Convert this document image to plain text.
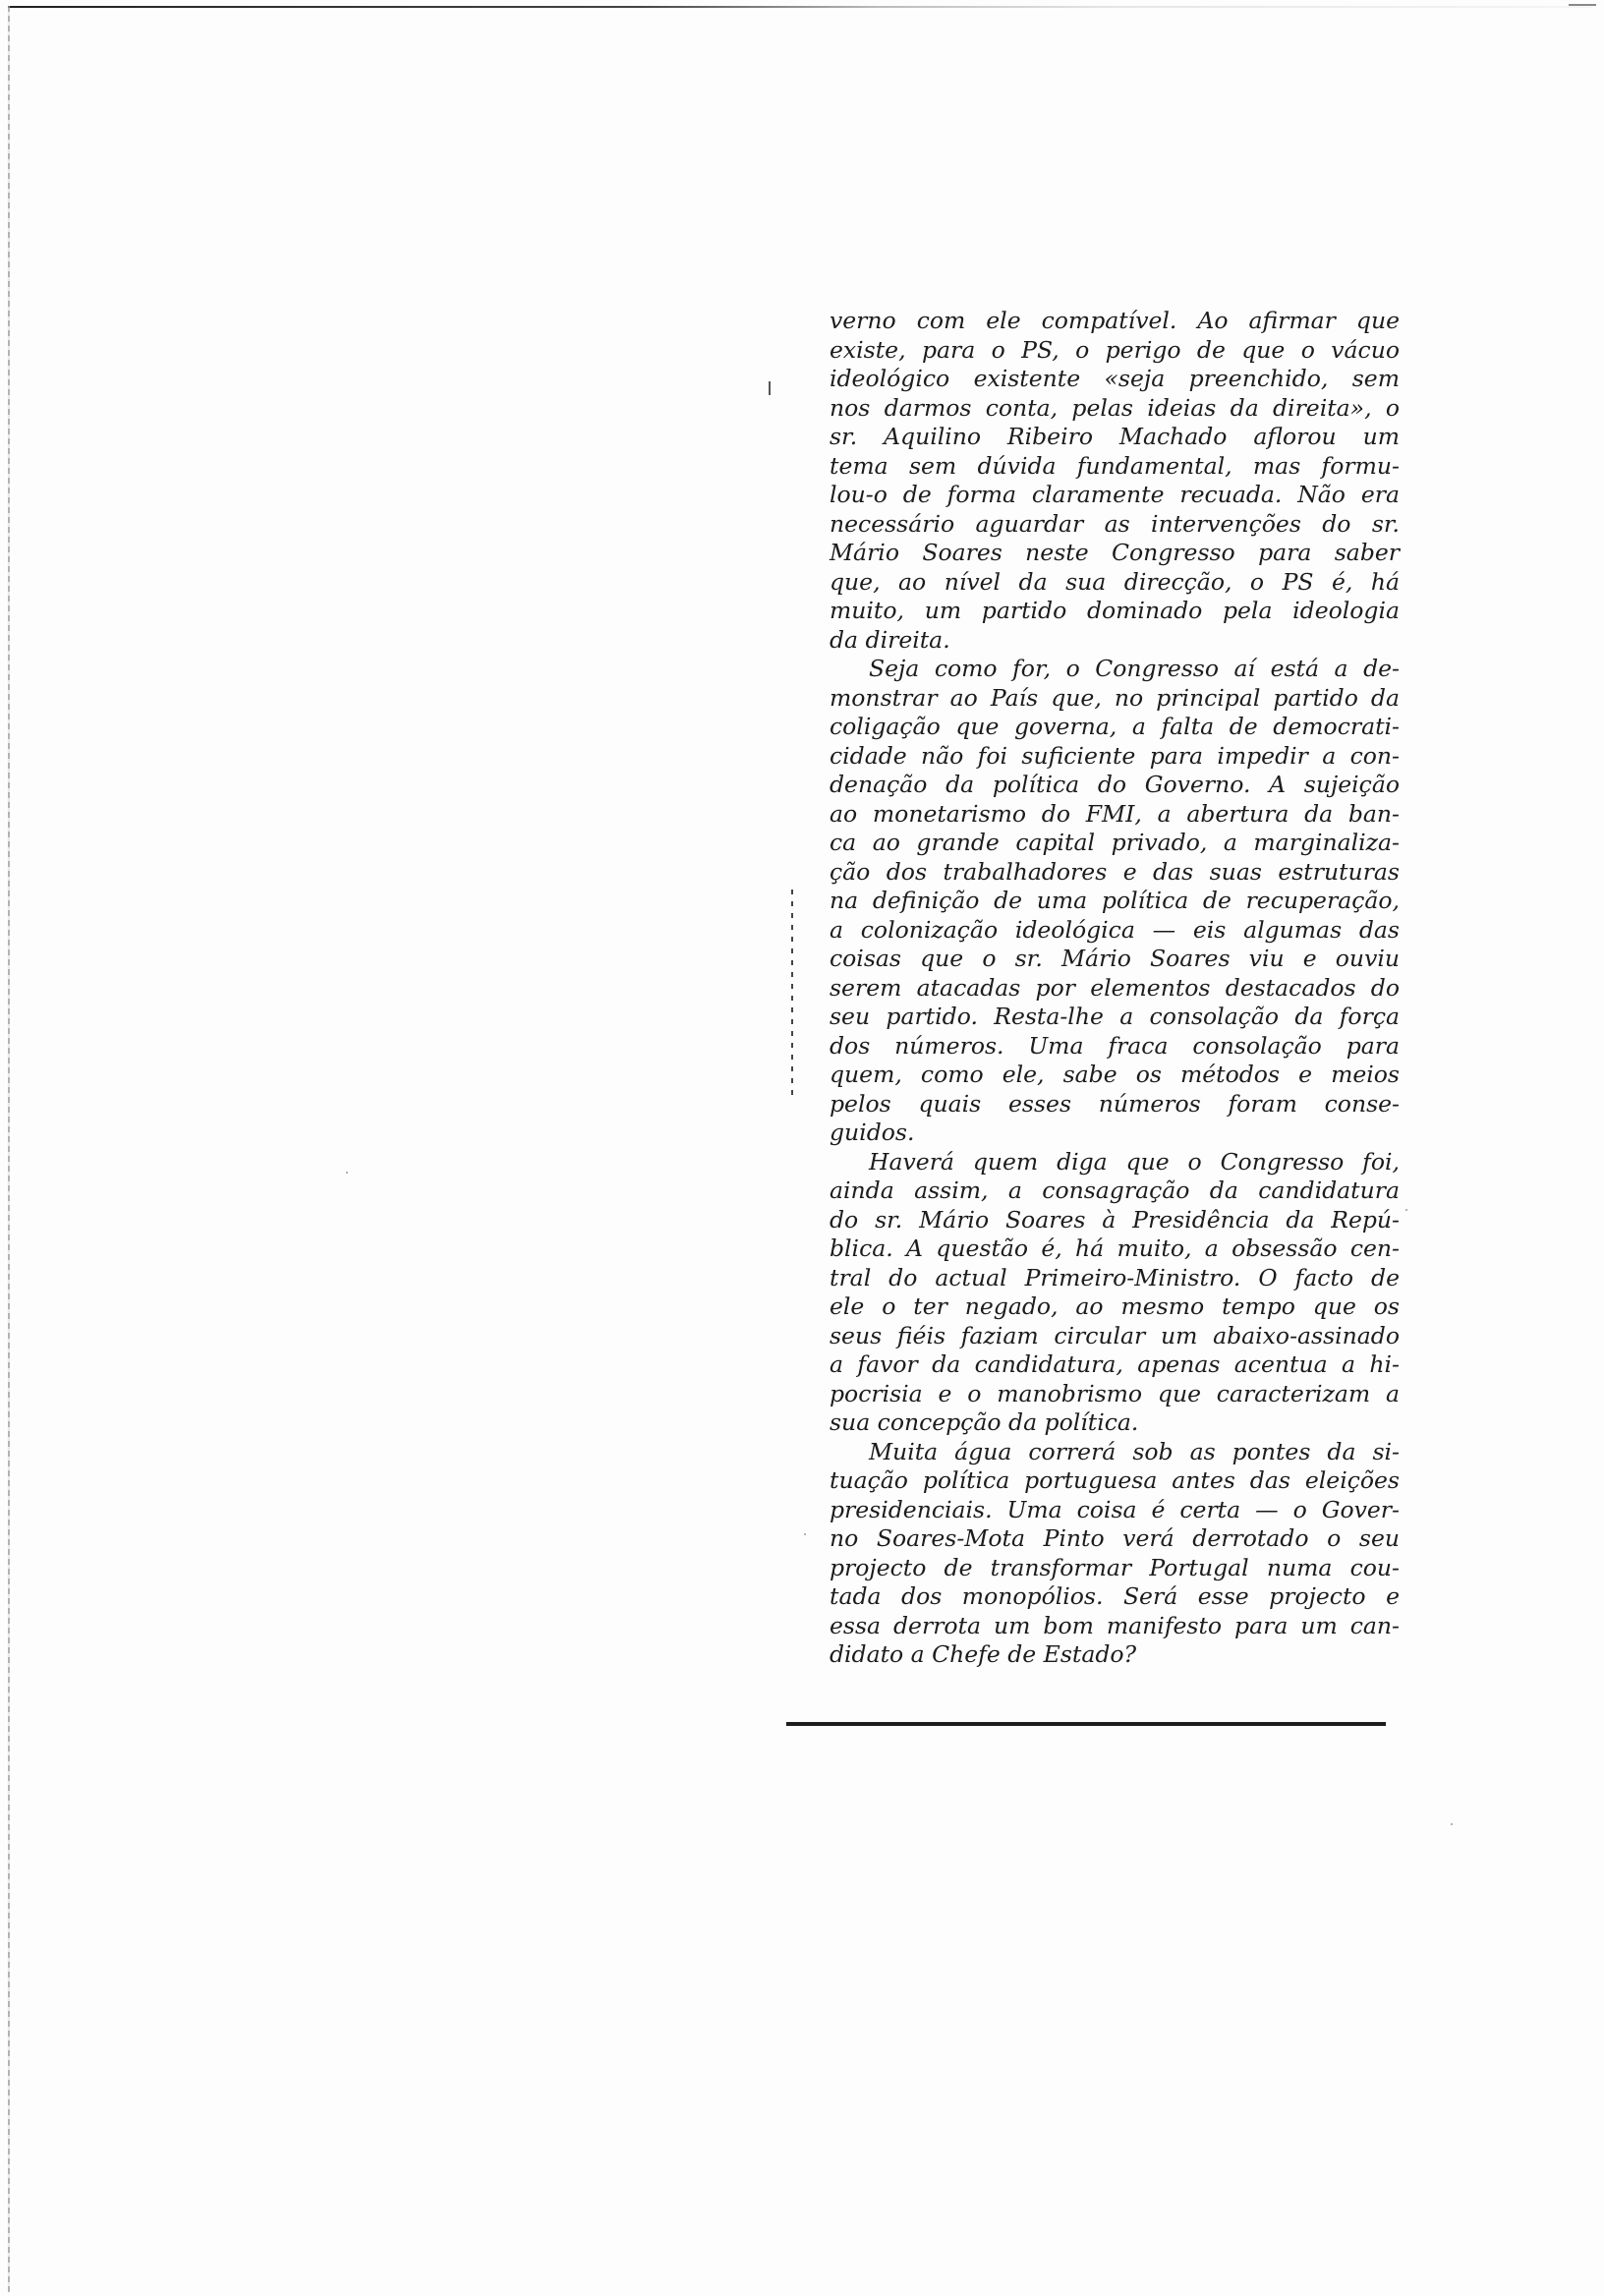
verno com ele compatível. Ao afirmar que
existe, para o PS, o perigo de que o vácuo
ideológico existente «seja preenchido, sem
nos darmos conta, pelas ideias da direita», o
sr. Aquilino Ribeiro Machado aflorou um
tema sem dúvida fundamental, mas formu-
lou-o de forma claramente recuada. Não era
necessário aguardar as intervenções do sr.
Mário Soares neste Congresso para saber
que, ao nível da sua direcção, o PS é, há
muito, um partido dominado pela ideologia
da direita.

Seja como for, o Congresso aí está a de-
monstrar ao País que, no principal partido da
coligação que governa, a falta de democrati-
cidade não foi suficiente para impedir a con-
denação da política do Governo. A sujeição
ao monetarismo do FMI, a abertura da ban-
ca ao grande capital privado, a marginaliza-
ção dos trabalhadores e das suas estruturas
na definição de uma política de recuperação,
a colonização ideológica — eis algumas das
coisas que o sr. Mário Soares viu e ouviu
serem atacadas por elementos destacados do
seu partido. Resta-lhe a consolação da força
dos números. Uma fraca consolação para
quem, como ele, sabe os métodos e meios
pelos quais esses números foram conse-
guidos.

Haverá quem diga que o Congresso foi,
ainda assim, a consagração da candidatura
do sr. Mário Soares à Presidência da Repú-
blica. A questão é, há muito, a obsessão cen-
tral do actual Primeiro-Ministro. O facto de
ele o ter negado, ao mesmo tempo que os
seus fiéis faziam circular um abaixo-assinado
a favor da candidatura, apenas acentua a hi-
pocrisia e o manobrismo que caracterizam a
sua concepção da política.

Muita água correrá sob as pontes da si-
tuação política portuguesa antes das eleições
presidenciais. Uma coisa é certa — o Gover-
no Soares-Mota Pinto verá derrotado o seu
projecto de transformar Portugal numa cou-
tada dos monopólios. Será esse projecto e
essa derrota um bom manifesto para um can-
didato a Chefe de Estado?
